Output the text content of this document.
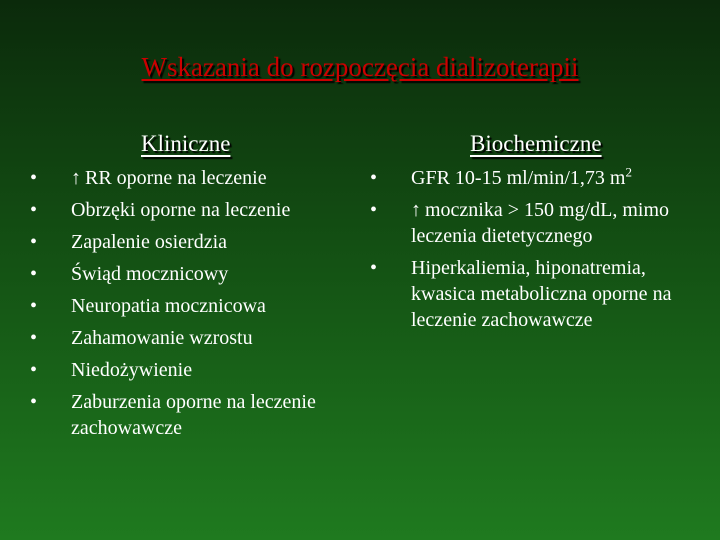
Wskazania do rozpoczęcia dializoterapii
Kliniczne	Biochemiczne
•	↑ RR oporne na leczenie
•	Obrzęki oporne na leczenie
•	Zapalenie osierdzia
•	Świąd mocznicowy
•	Neuropatia mocznicowa
•	Zahamowanie wzrostu
•	Niedożywienie
•	Zaburzenia oporne na leczenie zachowawcze
•	GFR 10-15 ml/min/1,73 $m^2$
•	↑ mocznika > 150 mg/dL, mimo leczenia dietetycznego
•	Hiperkaliemia, hiponatremia, kwasica metaboliczna oporne na leczenie zachowawcze
